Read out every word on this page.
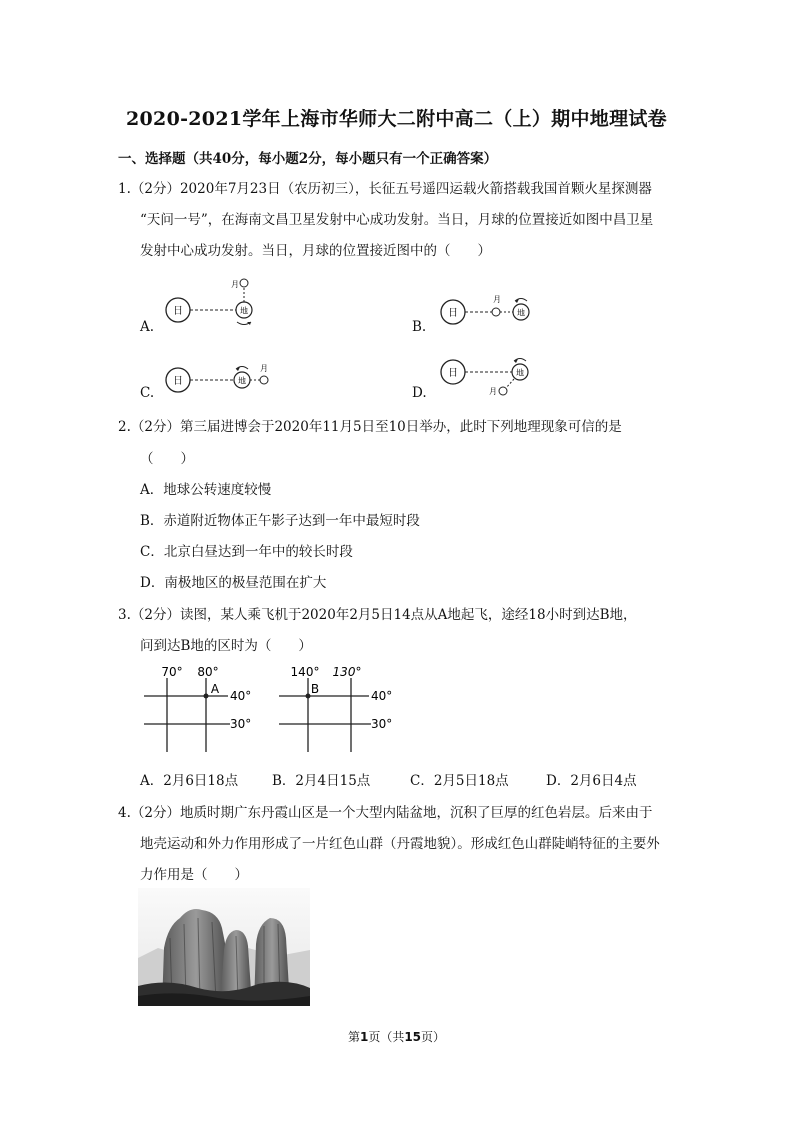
2020-2021学年上海市华师大二附中高二（上）期中地理试卷
一、选择题（共40分，每小题2分，每小题只有一个正确答案）
1.（2分）2020年7月23日（农历初三），长征五号遥四运载火箭搭载我国首颗火星探测器
“天问一号”，在海南文昌卫星发射中心成功发射。当日，月球的位置接近如图中昌卫星
发射中心成功发射。当日，月球的位置接近图中的（　　）
A.	B.
C.	D.
日	地
月
日
月
地
日	地
月	日	地
月
2.（2分）第三届进博会于2020年11月5日至10日举办，此时下列地理现象可信的是
（　　）
A．地球公转速度较慢
B．赤道附近物体正午影子达到一年中最短时段
C．北京白昼达到一年中的较长时段
D．南极地区的极昼范围在扩大
3.（2分）读图，某人乘飞机于2020年2月5日14点从A地起飞，途经18小时到达B地，
问到达B地的区时为（　　）
70° 80°
40°
30°
A
140° 130°
40°
30°
B
A．2月6日18点	B．2月4日15点	C．2月5日18点	D．2月6日4点
4.（2分）地质时期广东丹霞山区是一个大型内陆盆地，沉积了巨厚的红色岩层。后来由于
地壳运动和外力作用形成了一片红色山群（丹霞地貌）。形成红色山群陡峭特征的主要外
力作用是（　　）
第1页（共15页）
